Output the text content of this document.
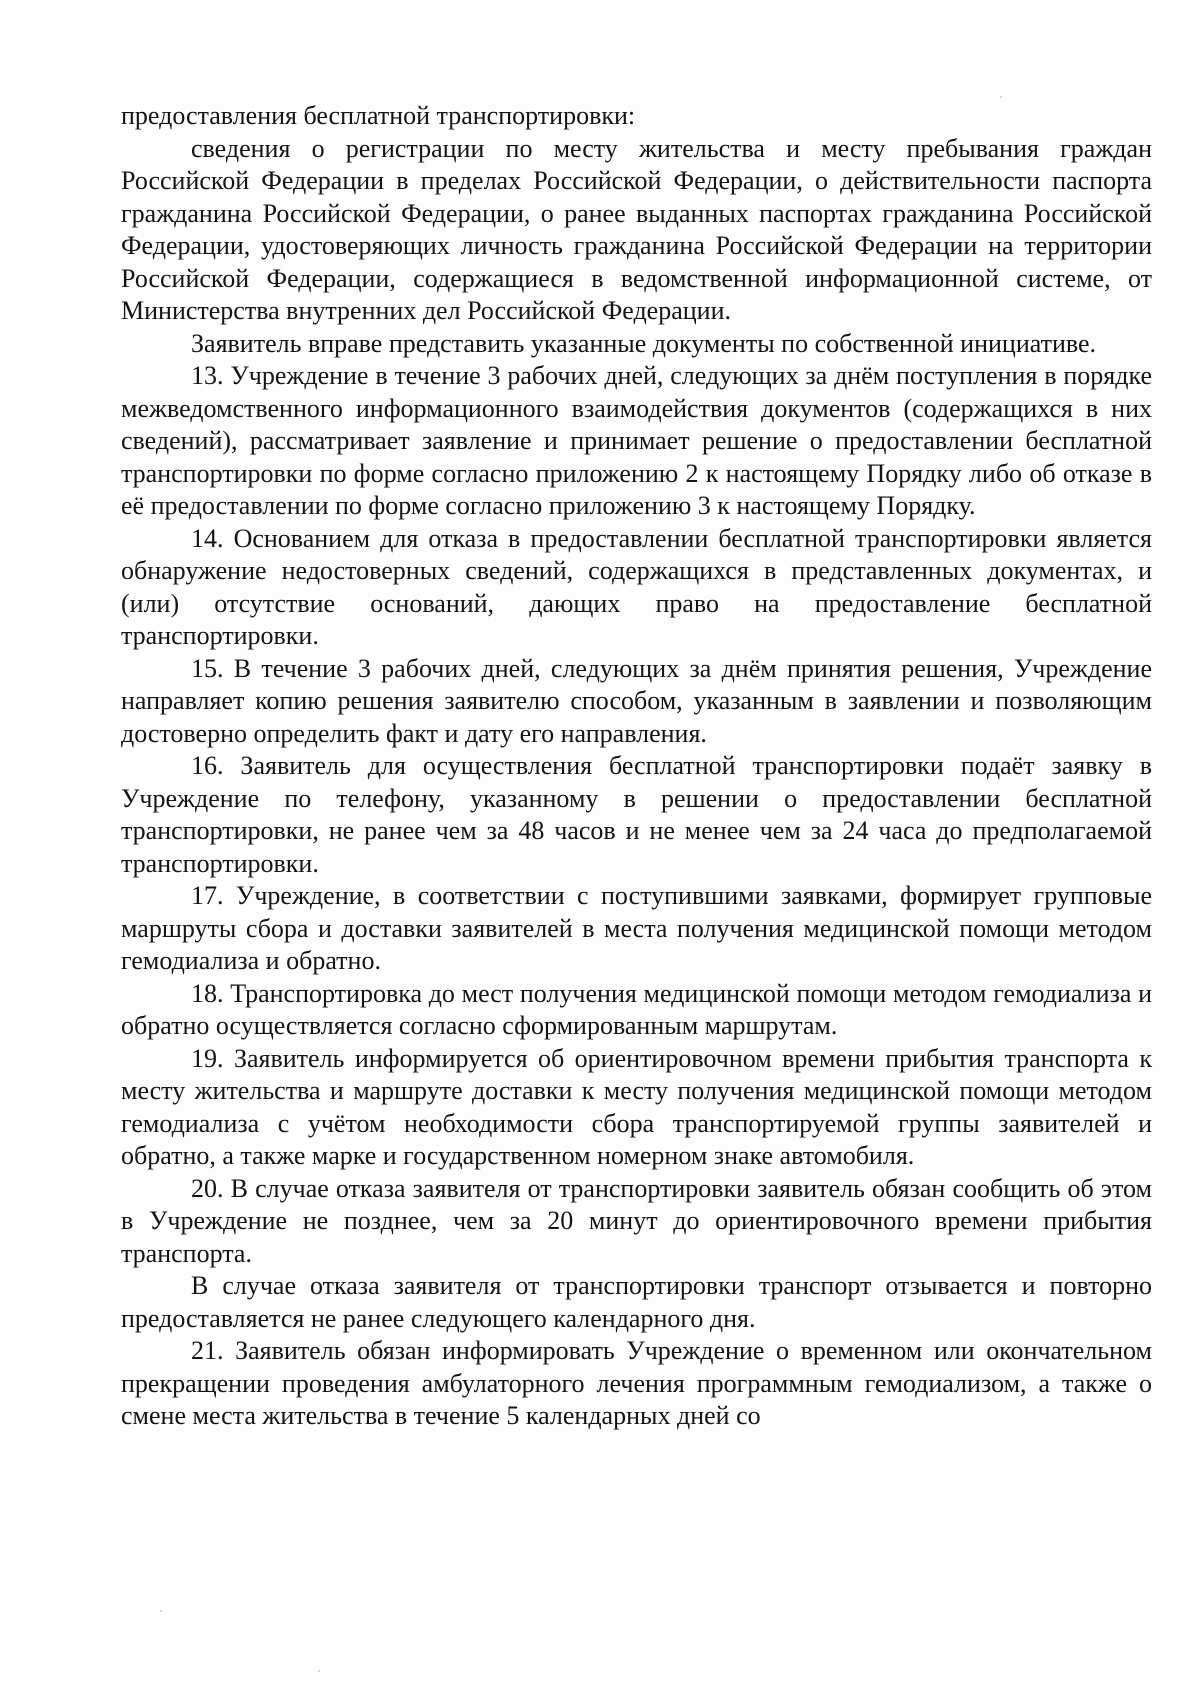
предоставления бесплатной транспортировки:

сведения о регистрации по месту жительства и месту пребывания граждан Российской Федерации в пределах Российской Федерации, о действительности паспорта гражданина Российской Федерации, о ранее выданных паспортах гражданина Российской Федерации, удостоверяющих личность гражданина Российской Федерации на территории Российской Федерации, содержащиеся в ведомственной информационной системе, от Министерства внутренних дел Российской Федерации.

Заявитель вправе представить указанные документы по собственной инициативе.

13. Учреждение в течение 3 рабочих дней, следующих за днём поступления в порядке межведомственного информационного взаимодействия документов (содержащихся в них сведений), рассматривает заявление и принимает решение о предоставлении бесплатной транспортировки по форме согласно приложению 2 к настоящему Порядку либо об отказе в её предоставлении по форме согласно приложению 3 к настоящему Порядку.

14. Основанием для отказа в предоставлении бесплатной транспортировки является обнаружение недостоверных сведений, содержащихся в представленных документах, и (или) отсутствие оснований, дающих право на предоставление бесплатной транспортировки.

15. В течение 3 рабочих дней, следующих за днём принятия решения, Учреждение направляет копию решения заявителю способом, указанным в заявлении и позволяющим достоверно определить факт и дату его направления.

16. Заявитель для осуществления бесплатной транспортировки подаёт заявку в Учреждение по телефону, указанному в решении о предоставлении бесплатной транспортировки, не ранее чем за 48 часов и не менее чем за 24 часа до предполагаемой транспортировки.

17. Учреждение, в соответствии с поступившими заявками, формирует групповые маршруты сбора и доставки заявителей в места получения медицинской помощи методом гемодиализа и обратно.

18. Транспортировка до мест получения медицинской помощи методом гемодиализа и обратно осуществляется согласно сформированным маршрутам.

19. Заявитель информируется об ориентировочном времени прибытия транспорта к месту жительства и маршруте доставки к месту получения медицинской помощи методом гемодиализа с учётом необходимости сбора транспортируемой группы заявителей и обратно, а также марке и государственном номерном знаке автомобиля.

20. В случае отказа заявителя от транспортировки заявитель обязан сообщить об этом в Учреждение не позднее, чем за 20 минут до ориентировочного времени прибытия транспорта.

В случае отказа заявителя от транспортировки транспорт отзывается и повторно предоставляется не ранее следующего календарного дня.

21. Заявитель обязан информировать Учреждение о временном или окончательном прекращении проведения амбулаторного лечения программным гемодиализом, а также о смене места жительства в течение 5 календарных дней со
